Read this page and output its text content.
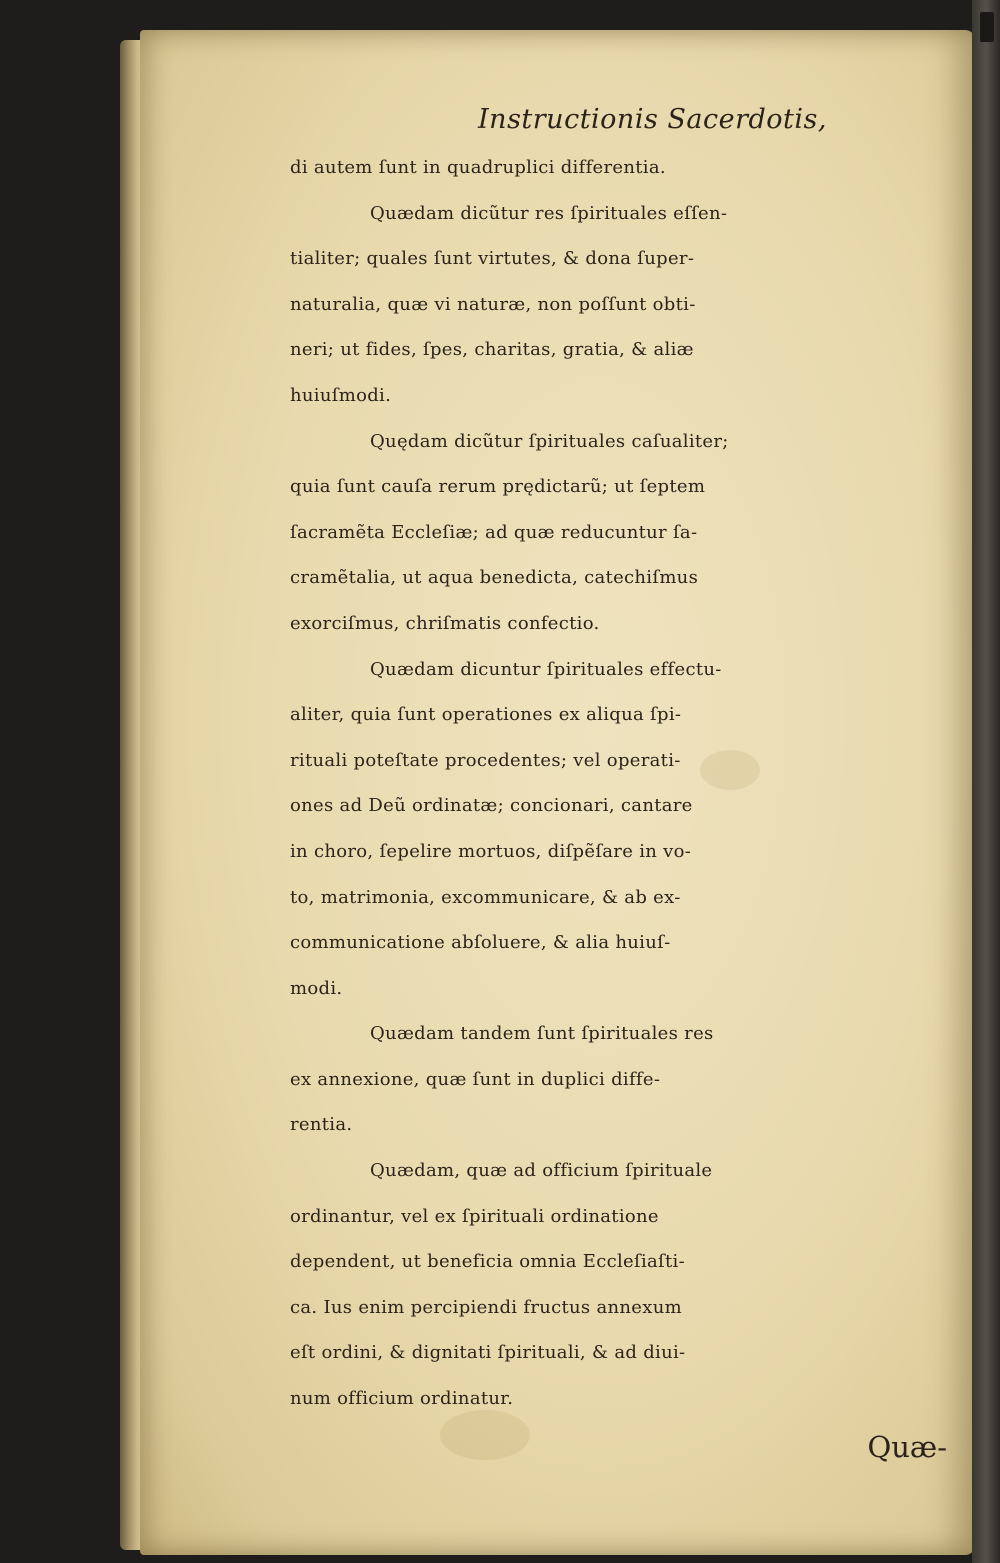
Instructionis Sacerdotis,
di autem ſunt in quadruplici differentia.
Quædam dicũtur res ſpirituales eſſen-
tialiter; quales ſunt virtutes, & dona ſuper-
naturalia, quæ vi naturæ, non poſſunt obti-
neri; ut fides, ſpes, charitas, gratia, & aliæ
huiuſmodi.
Quędam dicũtur ſpirituales caſualiter;
quia ſunt cauſa rerum prędictarũ; ut ſeptem
ſacramẽta Eccleſiæ; ad quæ reducuntur ſa-
cramẽtalia, ut aqua benedicta, catechiſmus
exorciſmus, chriſmatis confectio.
Quædam dicuntur ſpirituales effectu-
aliter, quia ſunt operationes ex aliqua ſpi-
rituali poteſtate procedentes; vel operati-
ones ad Deũ ordinatæ; concionari, cantare
in choro, ſepelire mortuos, diſpẽſare in vo-
to, matrimonia, excommunicare, & ab ex-
communicatione abſoluere, & alia huiuſ-
modi.
Quædam tandem ſunt ſpirituales res
ex annexione, quæ ſunt in duplici diffe-
rentia.
Quædam, quæ ad officium ſpirituale
ordinantur, vel ex ſpirituali ordinatione
dependent, ut beneficia omnia Eccleſiaſti-
ca. Ius enim percipiendi fructus annexum
eſt ordini, & dignitati ſpirituali, & ad diui-
num officium ordinatur.
Quæ-
